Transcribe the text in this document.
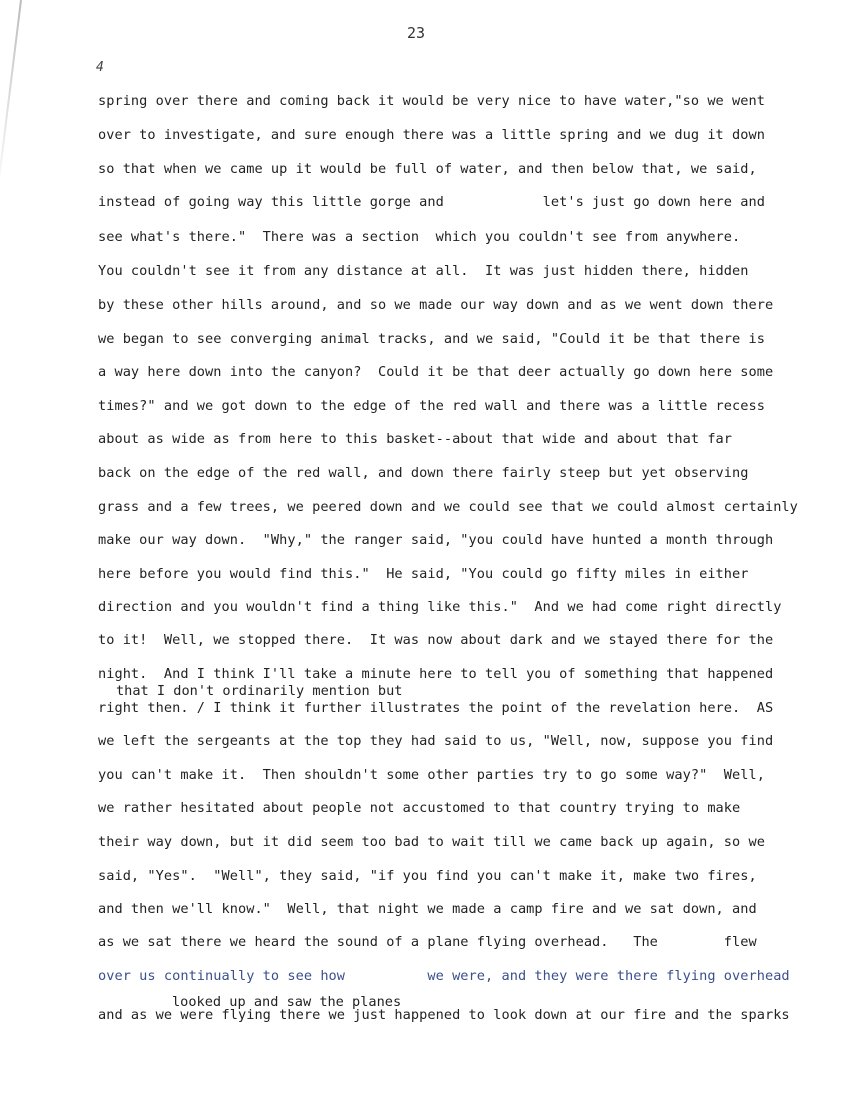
23
4
spring over there and coming back it would be very nice to have water,"so we went
over to investigate, and sure enough there was a little spring and we dug it down
so that when we came up it would be full of water, and then below that, we said,
instead of going way this little gorge and            let's just go down here and
see what's there."  There was a section  which you couldn't see from anywhere.
You couldn't see it from any distance at all.  It was just hidden there, hidden
by these other hills around, and so we made our way down and as we went down there
we began to see converging animal tracks, and we said, "Could it be that there is
a way here down into the canyon?  Could it be that deer actually go down here some
times?" and we got down to the edge of the red wall and there was a little recess
about as wide as from here to this basket--about that wide and about that far
back on the edge of the red wall, and down there fairly steep but yet observing
grass and a few trees, we peered down and we could see that we could almost certainly
make our way down.  "Why," the ranger said, "you could have hunted a month through
here before you would find this."  He said, "You could go fifty miles in either
direction and you wouldn't find a thing like this."  And we had come right directly
to it!  Well, we stopped there.  It was now about dark and we stayed there for the
night.  And I think I'll take a minute here to tell you of something that happened
that I don't ordinarily mention but
right then. / I think it further illustrates the point of the revelation here.  AS
we left the sergeants at the top they had said to us, "Well, now, suppose you find
you can't make it.  Then shouldn't some other parties try to go some way?"  Well,
we rather hesitated about people not accustomed to that country trying to make
their way down, but it did seem too bad to wait till we came back up again, so we
said, "Yes".  "Well", they said, "if you find you can't make it, make two fires,
and then we'll know."  Well, that night we made a camp fire and we sat down, and
as we sat there we heard the sound of a plane flying overhead.   The        flew
over us continually to see how          we were, and they were there flying overhead
looked up and saw the planes
and as we were flying there we just happened to look down at our fire and the sparks
